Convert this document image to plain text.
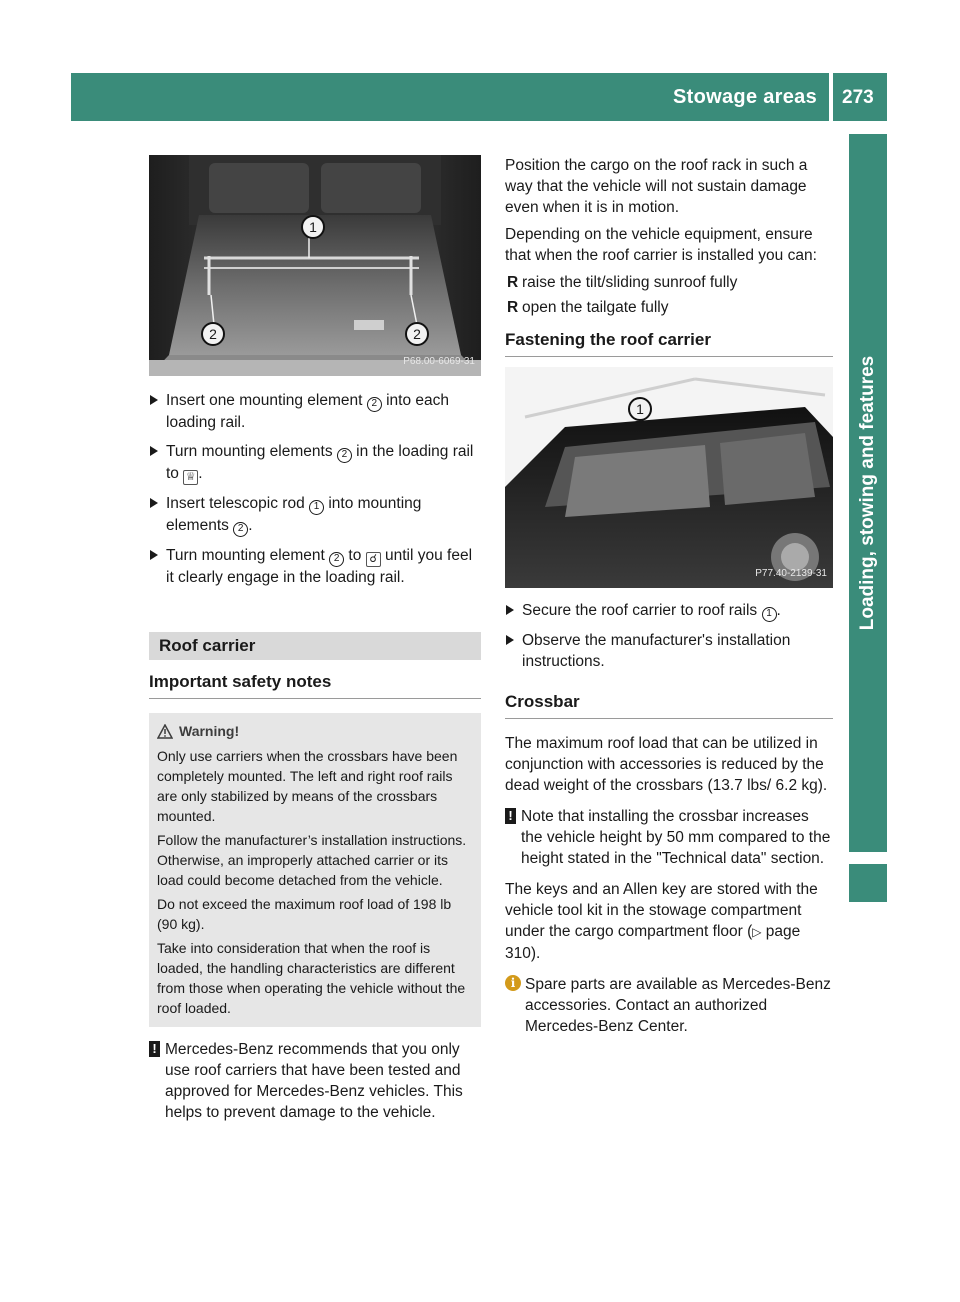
Stowage areas 273
Loading, stowing and features
1
2	2
P68.00-6069-31
Insert one mounting element 2 into each loading rail.
Turn mounting elements 2 in the loading rail to ♕ .
Insert telescopic rod 1 into mounting elements 2 .
Turn mounting element 2 to ☌ until you feel it clearly engage in the loading rail.
Roof carrier
Important safety notes
Warning!

Only use carriers when the crossbars have been completely mounted. The left and right roof rails are only stabilized by means of the crossbars mounted.

Follow the manufacturer’s installation instructions. Otherwise, an improperly attached carrier or its load could become detached from the vehicle.

Do not exceed the maximum roof load of 198 lb (90 kg).

Take into consideration that when the roof is loaded, the handling characteristics are different from those when operating the vehicle without the roof loaded.

! Mercedes-Benz recommends that you only use roof carriers that have been tested and approved for Mercedes-Benz vehicles. This helps to prevent damage to the vehicle.

Position the cargo on the roof rack in such a way that the vehicle will not sustain damage even when it is in motion.

Depending on the vehicle equipment, ensure that when the roof carrier is installed you can:

R raise the tilt/sliding sunroof fully
R open the tailgate fully
Fastening the roof carrier
1
P77.40-2139-31
Secure the roof carrier to roof rails 1 .
Observe the manufacturer's installation instructions.
Crossbar

The maximum roof load that can be utilized in conjunction with accessories is reduced by the dead weight of the crossbars (13.7 lbs/ 6.2 kg).

! Note that installing the crossbar increases the vehicle height by 50 mm compared to the height stated in the "Technical data" section.

The keys and an Allen key are stored with the vehicle tool kit in the stowage compartment under the cargo compartment floor (▷ page 310).

i Spare parts are available as Mercedes-Benz accessories. Contact an authorized Mercedes-Benz Center.
